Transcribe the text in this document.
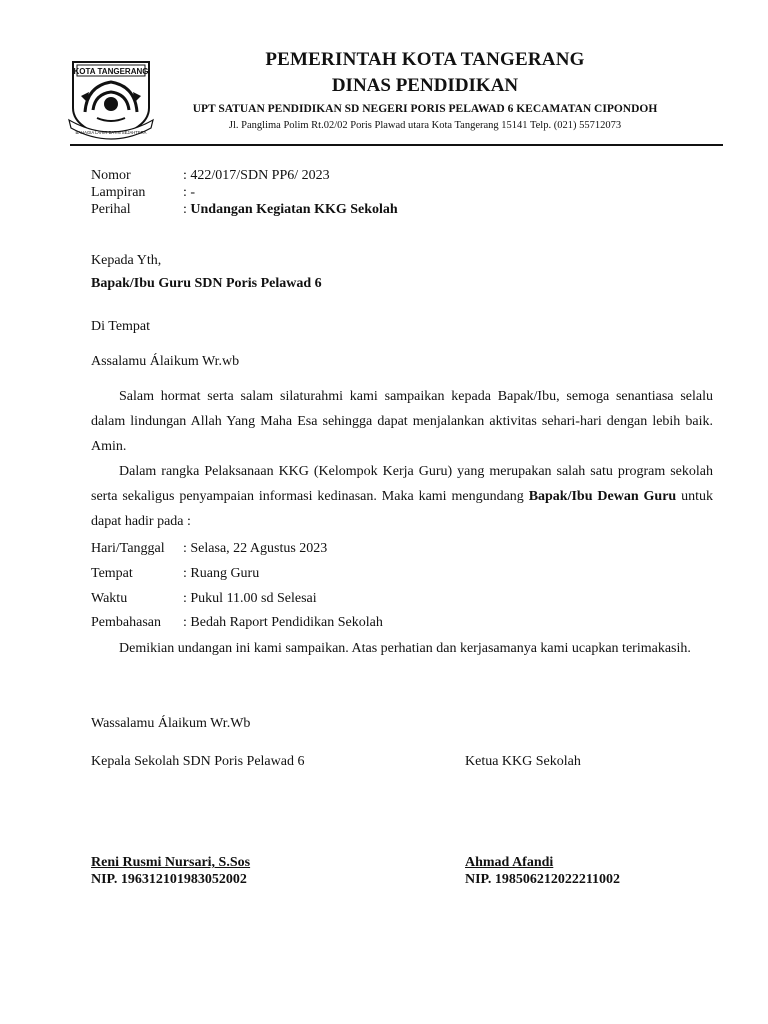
KOTA TANGERANG
BAHAGIA LAHIR BATIN SEJAHTERA
PEMERINTAH KOTA TANGERANG
DINAS PENDIDIKAN
UPT SATUAN PENDIDIKAN SD NEGERI PORIS PELAWAD 6 KECAMATAN CIPONDOH
Jl. Panglima Polim Rt.02/02 Poris Plawad utara Kota Tangerang 15141 Telp. (021) 55712073
Nomor	: 422/017/SDN PP6/ 2023
Lampiran	: -
Perihal	: Undangan Kegiatan KKG Sekolah
Kepada Yth,
Bapak/Ibu Guru SDN Poris Pelawad 6
Di Tempat
Assalamu Álaikum Wr.wb

Salam hormat serta salam silaturahmi kami sampaikan kepada Bapak/Ibu, semoga senantiasa selalu dalam lindungan Allah Yang Maha Esa sehingga dapat menjalankan aktivitas sehari-hari dengan lebih baik. Amin.

Dalam rangka Pelaksanaan KKG (Kelompok Kerja Guru) yang merupakan salah satu program sekolah serta sekaligus penyampaian informasi kedinasan. Maka kami mengundang Bapak/Ibu Dewan Guru untuk dapat hadir pada :

Hari/Tanggal : Selasa, 22 Agustus 2023
Tempat	: Ruang Guru
Waktu	: Pukul 11.00 sd Selesai
Pembahasan : Bedah Raport Pendidikan Sekolah

Demikian undangan ini kami sampaikan. Atas perhatian dan kerjasamanya kami ucapkan terimakasih.

Wassalamu Álaikum Wr.Wb
Kepala Sekolah SDN Poris Pelawad 6	Ketua KKG Sekolah
Reni Rusmi Nursari, S.Sos
NIP. 196312101983052002
Ahmad Afandi
NIP. 198506212022211002
